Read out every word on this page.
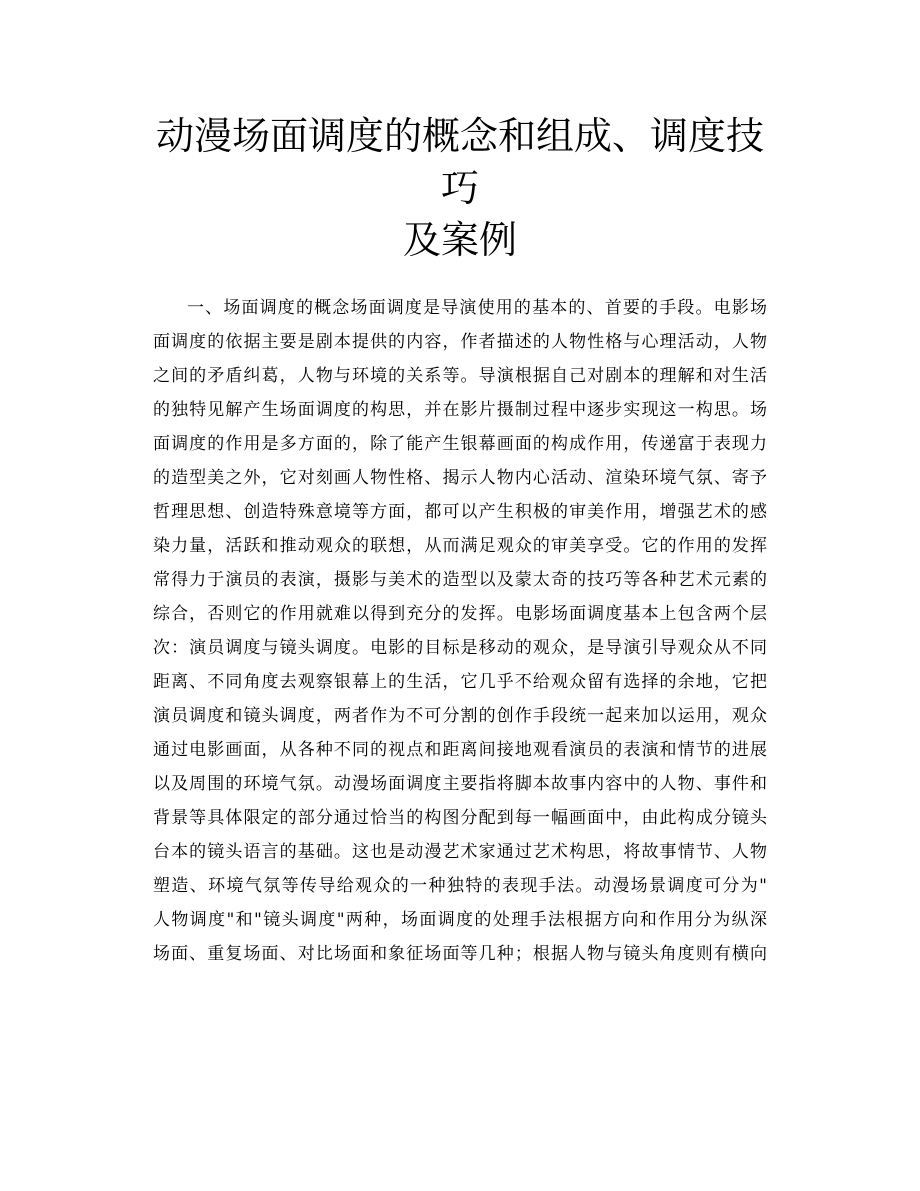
动漫场面调度的概念和组成、调度技巧
及案例
一、场面调度的概念场面调度是导演使用的基本的、首要的手段。电影场
面调度的依据主要是剧本提供的内容，作者描述的人物性格与心理活动，人物
之间的矛盾纠葛，人物与环境的关系等。导演根据自己对剧本的理解和对生活
的独特见解产生场面调度的构思，并在影片摄制过程中逐步实现这一构思。场
面调度的作用是多方面的，除了能产生银幕画面的构成作用，传递富于表现力
的造型美之外，它对刻画人物性格、揭示人物内心活动、渲染环境气氛、寄予
哲理思想、创造特殊意境等方面，都可以产生积极的审美作用，增强艺术的感
染力量，活跃和推动观众的联想，从而满足观众的审美享受。它的作用的发挥
常得力于演员的表演，摄影与美术的造型以及蒙太奇的技巧等各种艺术元素的
综合，否则它的作用就难以得到充分的发挥。电影场面调度基本上包含两个层
次：演员调度与镜头调度。电影的目标是移动的观众，是导演引导观众从不同
距离、不同角度去观察银幕上的生活，它几乎不给观众留有选择的余地，它把
演员调度和镜头调度，两者作为不可分割的创作手段统一起来加以运用，观众
通过电影画面，从各种不同的视点和距离间接地观看演员的表演和情节的进展
以及周围的环境气氛。动漫场面调度主要指将脚本故事内容中的人物、事件和
背景等具体限定的部分通过恰当的构图分配到每一幅画面中，由此构成分镜头
台本的镜头语言的基础。这也是动漫艺术家通过艺术构思，将故事情节、人物
塑造、环境气氛等传导给观众的一种独特的表现手法。动漫场景调度可分为"
人物调度"和"镜头调度"两种，场面调度的处理手法根据方向和作用分为纵深
场面、重复场面、对比场面和象征场面等几种；根据人物与镜头角度则有横向
